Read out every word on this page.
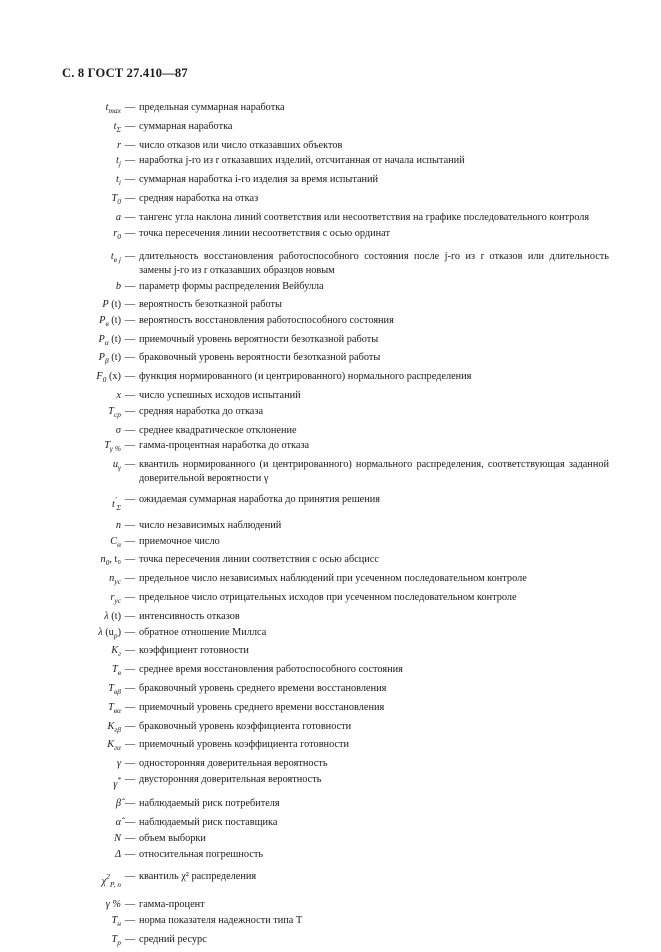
С. 8 ГОСТ 27.410—87
$t_{max}$ — предельная суммарная наработка
$t_\Sigma$ — суммарная наработка
r — число отказов или число отказавших объектов
$t_j$ — наработка j-го из r отказавших изделий, отсчитанная от начала испытаний
$t_i$ — суммарная наработка i-го изделия за время испытаний
$T_0$ — средняя наработка на отказ
a — тангенс угла наклона линий соответствия или несоответствия на графике последовательного контроля
$r_0$ — точка пересечения линии несоответствия с осью ординат
$t_{в j}$ — длительность восстановления работоспособного состояния после j-го из r отказов или длительность замены j-го из r отказавших образцов новым
b — параметр формы распределения Вейбулла
P (t) — вероятность безотказной работы
$P_в$ (t) — вероятность восстановления работоспособного состояния
$P_\alpha$ (t) — приемочный уровень вероятности безотказной работы
$P_\beta$ (t) — браковочный уровень вероятности безотказной работы
$F_0$ (x) — функция нормированного (и центрированного) нормального распределения
x — число успешных исходов испытаний
$T_{ср}$ — средняя наработка до отказа
σ — среднее квадратическое отклонение
$T_{\gamma \%}$ — гамма-процентная наработка до отказа
$u_\gamma$ — квантиль нормированного (и центрированного) нормального распределения, соответствующая заданной доверительной вероятности γ
$t'_\Sigma$
— ожидаемая суммарная наработка до принятия решения
n — число независимых наблюдений
$C_\alpha$ — приемочное число
$n_0$, t₀ — точка пересечения линии соответствия с осью абсцисс
$n_{ус}$ — предельное число независимых наблюдений при усеченном последовательном контроле
$r_{ус}$ — предельное число отрицательных исходов при усеченном последовательном контроле
λ (t) — интенсивность отказов
λ $(u_р)$ — обратное отношение Миллса
$K_г$ — коэффициент готовности
$T_в$ — среднее время восстановления работоспособного состояния
$T_{в\beta}$ — браковочный уровень среднего времени восстановления
$T_{в\alpha}$ — приемочный уровень среднего времени восстановления
$K_{г\beta}$ — браковочный уровень коэффициента готовности
$K_{г\alpha}$ — приемочный уровень коэффициента готовности
γ — односторонняя доверительная вероятность
γ* — двусторонняя доверительная вероятность
β̂ — наблюдаемый риск потребителя
α̂ — наблюдаемый риск поставщика
N — объем выборки
Δ — относительная погрешность
$\chi^2_{P, n}$
— квантиль χ² распределения
γ % — гамма-процент
$T_н$ — норма показателя надежности типа Т
$T_р$ — средний ресурс
